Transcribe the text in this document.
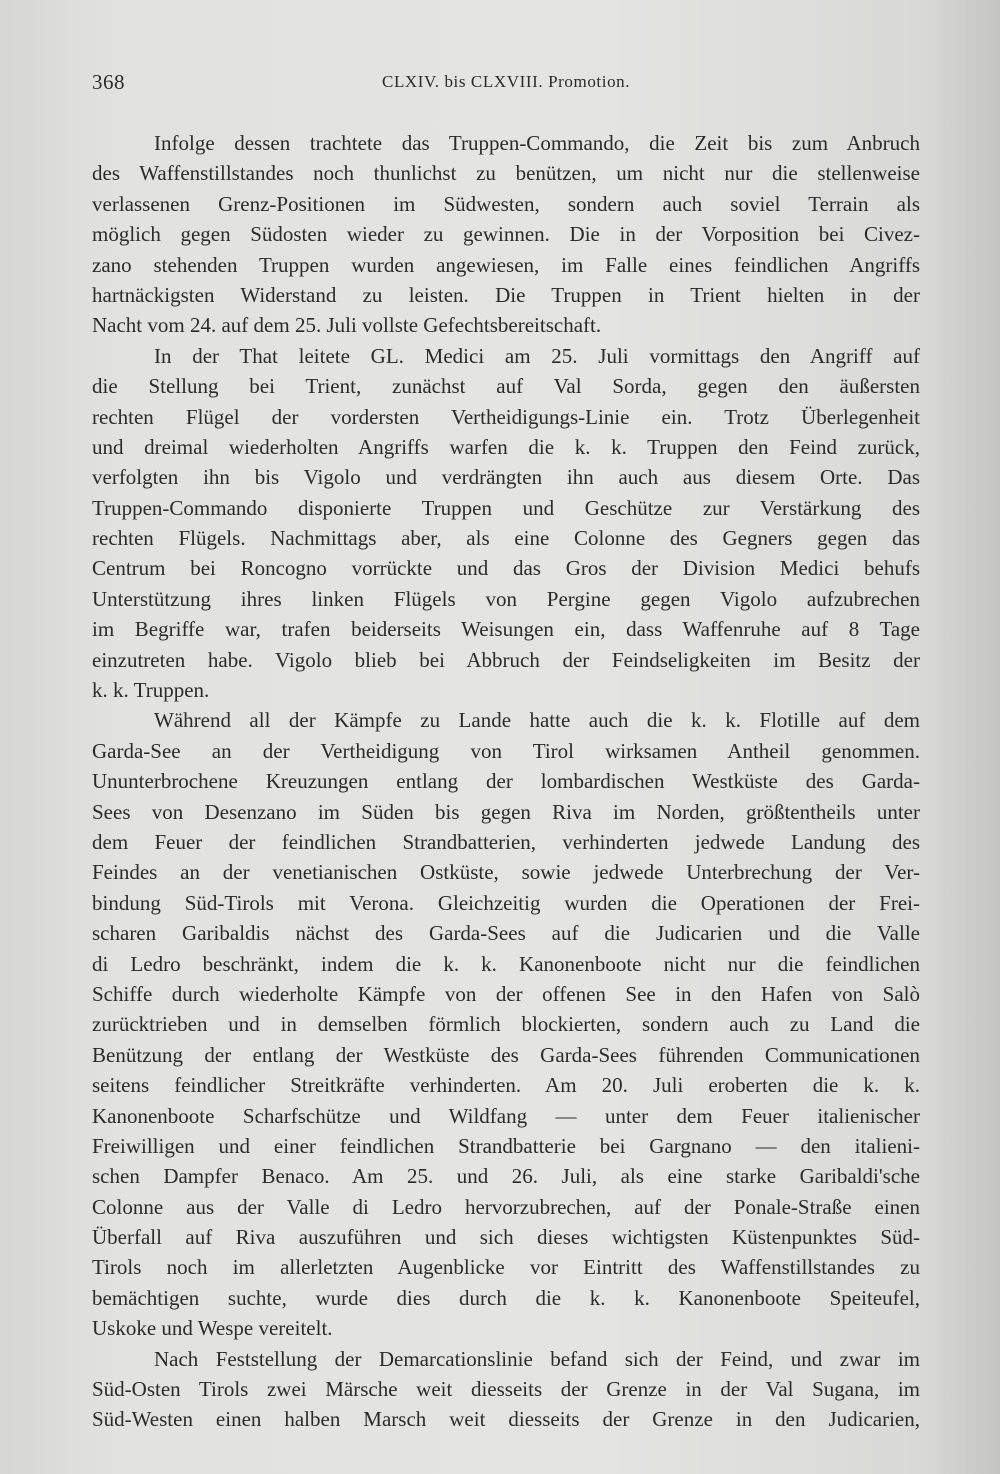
368	CLXIV. bis CLXVIII. Promotion.
Infolge dessen trachtete das Truppen-Commando, die Zeit bis zum Anbruch
des Waffenstillstandes noch thunlichst zu benützen, um nicht nur die stellenweise
verlassenen Grenz-Positionen im Südwesten, sondern auch soviel Terrain als
möglich gegen Südosten wieder zu gewinnen. Die in der Vorposition bei Civez-
zano stehenden Truppen wurden angewiesen, im Falle eines feindlichen Angriffs
hartnäckigsten Widerstand zu leisten. Die Truppen in Trient hielten in der
Nacht vom 24. auf dem 25. Juli vollste Gefechtsbereitschaft.
In der That leitete GL. Medici am 25. Juli vormittags den Angriff auf
die Stellung bei Trient, zunächst auf Val Sorda, gegen den äußersten
rechten Flügel der vordersten Vertheidigungs-Linie ein. Trotz Überlegenheit
und dreimal wiederholten Angriffs warfen die k. k. Truppen den Feind zurück,
verfolgten ihn bis Vigolo und verdrängten ihn auch aus diesem Orte. Das
Truppen-Commando disponierte Truppen und Geschütze zur Verstärkung des
rechten Flügels. Nachmittags aber, als eine Colonne des Gegners gegen das
Centrum bei Roncogno vorrückte und das Gros der Division Medici behufs
Unterstützung ihres linken Flügels von Pergine gegen Vigolo aufzubrechen
im Begriffe war, trafen beiderseits Weisungen ein, dass Waffenruhe auf 8 Tage
einzutreten habe. Vigolo blieb bei Abbruch der Feindseligkeiten im Besitz der
k. k. Truppen.
Während all der Kämpfe zu Lande hatte auch die k. k. Flotille auf dem
Garda-See an der Vertheidigung von Tirol wirksamen Antheil genommen.
Ununterbrochene Kreuzungen entlang der lombardischen Westküste des Garda-
Sees von Desenzano im Süden bis gegen Riva im Norden, größtentheils unter
dem Feuer der feindlichen Strandbatterien, verhinderten jedwede Landung des
Feindes an der venetianischen Ostküste, sowie jedwede Unterbrechung der Ver-
bindung Süd-Tirols mit Verona. Gleichzeitig wurden die Operationen der Frei-
scharen Garibaldis nächst des Garda-Sees auf die Judicarien und die Valle
di Ledro beschränkt, indem die k. k. Kanonenboote nicht nur die feindlichen
Schiffe durch wiederholte Kämpfe von der offenen See in den Hafen von Salò
zurücktrieben und in demselben förmlich blockierten, sondern auch zu Land die
Benützung der entlang der Westküste des Garda-Sees führenden Communicationen
seitens feindlicher Streitkräfte verhinderten. Am 20. Juli eroberten die k. k.
Kanonenboote Scharfschütze und Wildfang — unter dem Feuer italienischer
Freiwilligen und einer feindlichen Strandbatterie bei Gargnano — den italieni-
schen Dampfer Benaco. Am 25. und 26. Juli, als eine starke Garibaldi'sche
Colonne aus der Valle di Ledro hervorzubrechen, auf der Ponale-Straße einen
Überfall auf Riva auszuführen und sich dieses wichtigsten Küstenpunktes Süd-
Tirols noch im allerletzten Augenblicke vor Eintritt des Waffenstillstandes zu
bemächtigen suchte, wurde dies durch die k. k. Kanonenboote Speiteufel,
Uskoke und Wespe vereitelt.
Nach Feststellung der Demarcationslinie befand sich der Feind, und zwar im
Süd-Osten Tirols zwei Märsche weit diesseits der Grenze in der Val Sugana, im
Süd-Westen einen halben Marsch weit diesseits der Grenze in den Judicarien,
